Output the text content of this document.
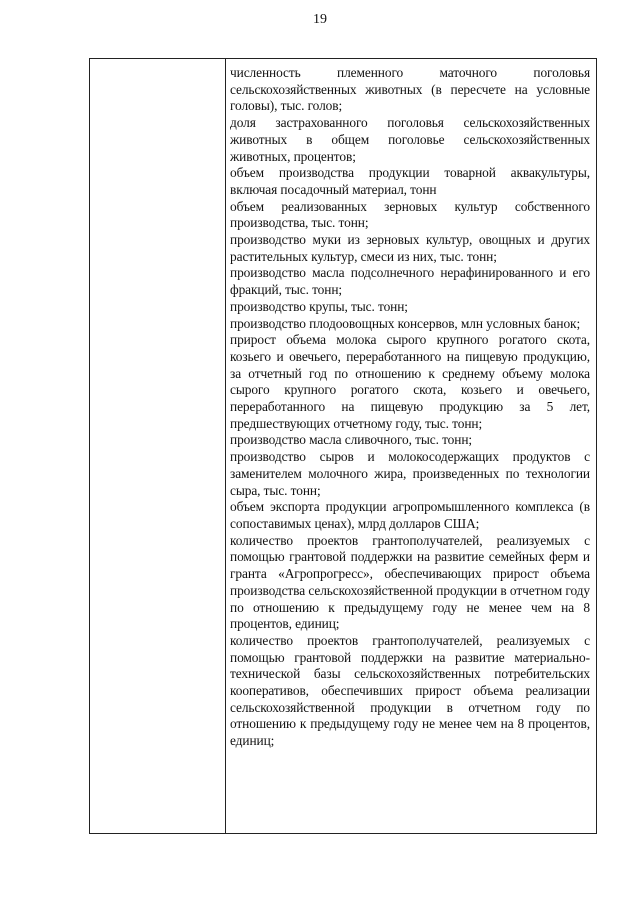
19

численность племенного маточного поголовья сельскохозяйственных животных (в пересчете на условные головы), тыс. голов;

доля застрахованного поголовья сельскохозяйственных животных в общем поголовье сельскохозяйственных животных, процентов;

объем производства продукции товарной аквакультуры, включая посадочный материал, тонн

объем реализованных зерновых культур собственного производства, тыс. тонн;

производство муки из зерновых культур, овощных и других растительных культур, смеси из них, тыс. тонн;

производство масла подсолнечного нерафинированного и его фракций, тыс. тонн;

производство крупы, тыс. тонн;

производство плодоовощных консервов, млн условных банок;

прирост объема молока сырого крупного рогатого скота, козьего и овечьего, переработанного на пищевую продукцию, за отчетный год по отношению к среднему объему молока сырого крупного рогатого скота, козьего и овечьего, переработанного на пищевую продукцию за 5 лет, предшествующих отчетному году, тыс. тонн;

производство масла сливочного, тыс. тонн;

производство сыров и молокосодержащих продуктов с заменителем молочного жира, произведенных по технологии сыра, тыс. тонн;

объем экспорта продукции агропромышленного комплекса (в сопоставимых ценах), млрд долларов США;

количество проектов грантополучателей, реализуемых с помощью грантовой поддержки на развитие семейных ферм и гранта «Агропрогресс», обеспечивающих прирост объема производства сельскохозяйственной продукции в отчетном году по отношению к предыдущему году не менее чем на 8 процентов, единиц;

количество проектов грантополучателей, реализуемых с помощью грантовой поддержки на развитие материально-технической базы сельскохозяйственных потребительских кооперативов, обеспечивших прирост объема реализации сельскохозяйственной продукции в отчетном году по отношению к предыдущему году не менее чем на 8 процентов, единиц;
